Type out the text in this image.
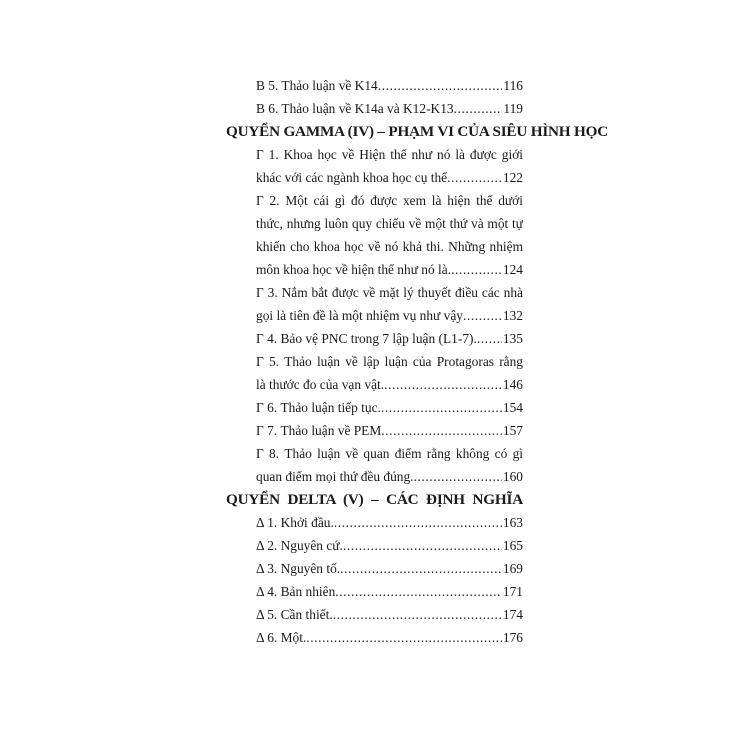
B 5. Thảo luận về K14 .....	116
B 6. Thảo luận về K14a và K12-K13 .....	119
QUYỂN GAMMA (IV) – PHẠM VI CỦA SIÊU HÌNH HỌC
Γ 1. Khoa học về Hiện thể như nó là được giới
khác với các ngành khoa học cụ thể .....	122
Γ 2. Một cái gì đó được xem là hiện thể dưới
thức, nhưng luôn quy chiếu về một thứ và một tự
khiến cho khoa học về nó khả thi. Những nhiệm
môn khoa học về hiện thể như nó là. .....	124
Γ 3. Nắm bắt được về mặt lý thuyết điều các nhà
gọi là tiên đề là một nhiệm vụ như vậy .....	132
Γ 4. Bảo vệ PNC trong 7 lập luận (L1-7). ..... 135
Γ 5. Thảo luận về lập luận của Protagoras rằng
là thước đo của vạn vật. .....	146
Γ 6. Thảo luận tiếp tục. .....	154
Γ 7. Thảo luận về PEM .....	157
Γ 8. Thảo luận về quan điểm rằng không có gì
quan điểm mọi thứ đều đúng. .....	160
QUYỂN DELTA (V) – CÁC ĐỊNH NGHĨA
Δ 1. Khởi đầu. .....	163
Δ 2. Nguyên cứ. .....	165
Δ 3. Nguyên tố. .....	169
Δ 4. Bản nhiên .....	171
Δ 5. Cần thiết. .....	174
Δ 6. Một. .....	176
